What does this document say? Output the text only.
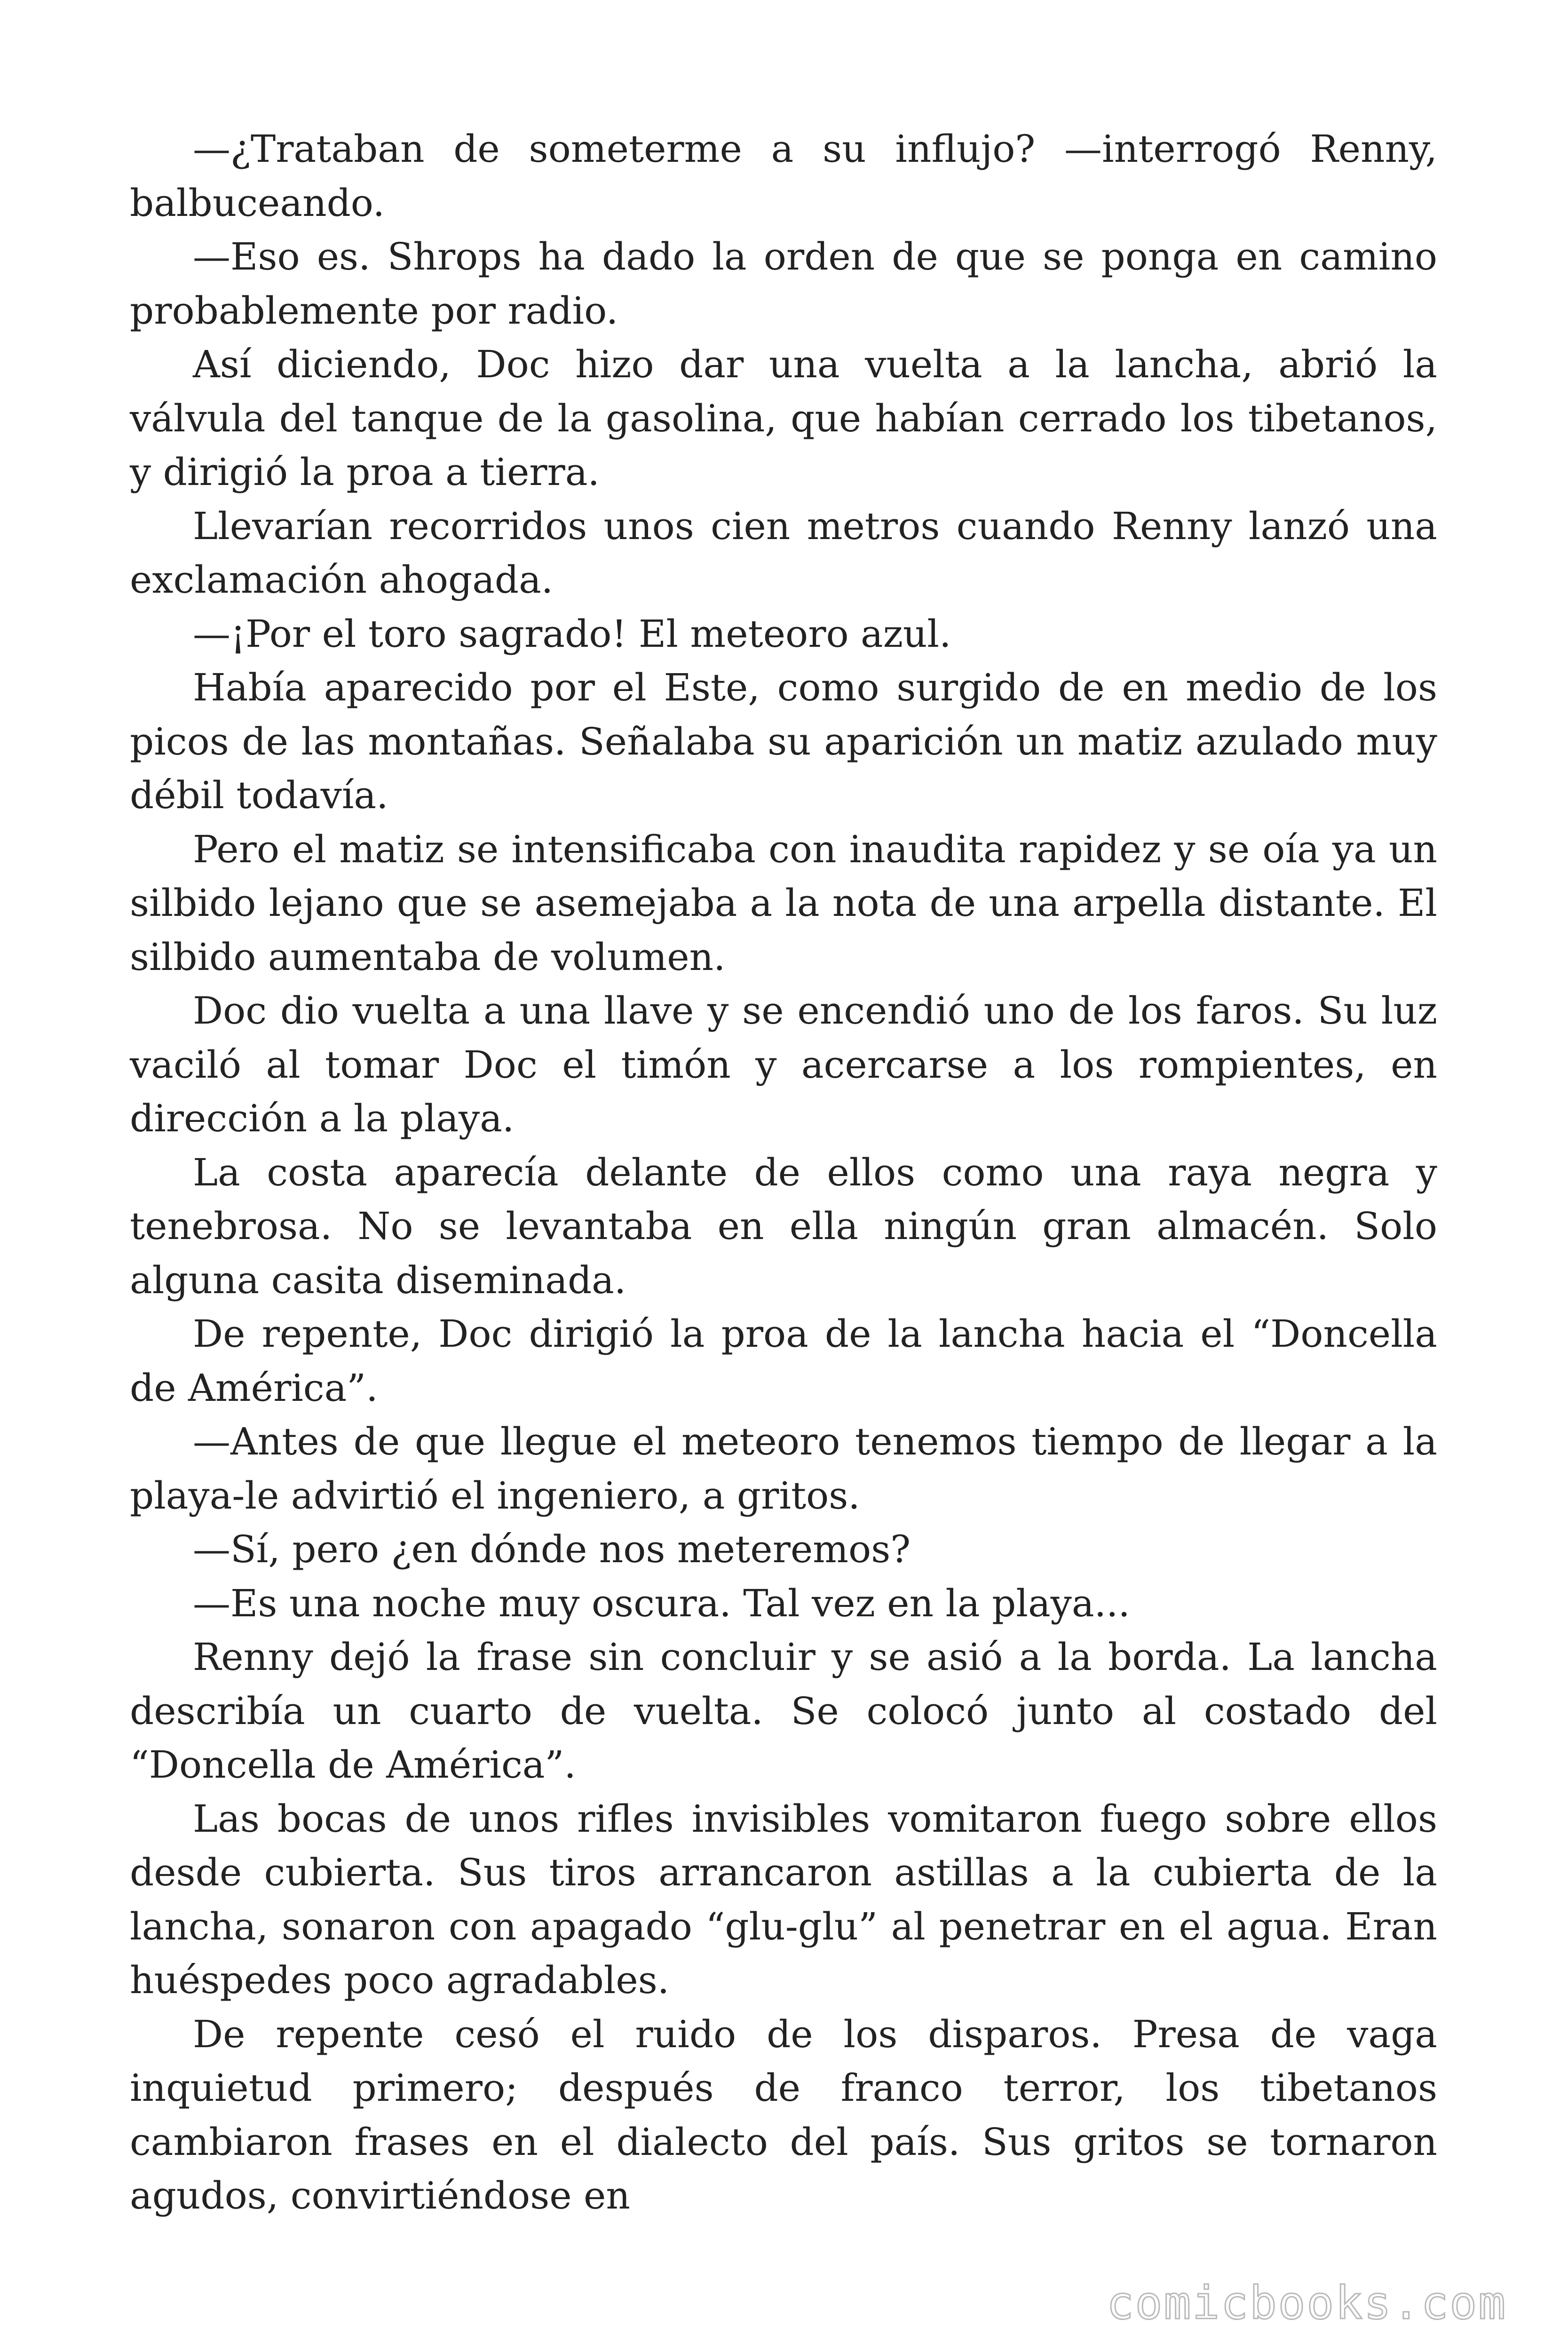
—¿Trataban de someterme a su influjo? —interrogó Renny, balbuceando.

—Eso es. Shrops ha dado la orden de que se ponga en camino probablemente por radio.

Así diciendo, Doc hizo dar una vuelta a la lancha, abrió la válvula del tanque de la gasolina, que habían cerrado los tibetanos, y dirigió la proa a tierra.

Llevarían recorridos unos cien metros cuando Renny lanzó una exclamación ahogada.

—¡Por el toro sagrado! El meteoro azul.

Había aparecido por el Este, como surgido de en medio de los picos de las montañas. Señalaba su aparición un matiz azulado muy débil todavía.

Pero el matiz se intensificaba con inaudita rapidez y se oía ya un silbido lejano que se asemejaba a la nota de una arpella distante. El silbido aumentaba de volumen.

Doc dio vuelta a una llave y se encendió uno de los faros. Su luz vaciló al tomar Doc el timón y acercarse a los rompientes, en dirección a la playa.

La costa aparecía delante de ellos como una raya negra y tenebrosa. No se levantaba en ella ningún gran almacén. Solo alguna casita diseminada.

De repente, Doc dirigió la proa de la lancha hacia el “Doncella de América”.

—Antes de que llegue el meteoro tenemos tiempo de llegar a la playa-le advirtió el ingeniero, a gritos.

—Sí, pero ¿en dónde nos meteremos?

—Es una noche muy oscura. Tal vez en la playa...

Renny dejó la frase sin concluir y se asió a la borda. La lancha describía un cuarto de vuelta. Se colocó junto al costado del “Doncella de América”.

Las bocas de unos rifles invisibles vomitaron fuego sobre ellos desde cubierta. Sus tiros arrancaron astillas a la cubierta de la lancha, sonaron con apagado “glu-glu” al penetrar en el agua. Eran huéspedes poco agradables.

De repente cesó el ruido de los disparos. Presa de vaga inquietud primero; después de franco terror, los tibetanos cambiaron frases en el dialecto del país. Sus gritos se tornaron agudos, convirtiéndose en

comicbooks.com
